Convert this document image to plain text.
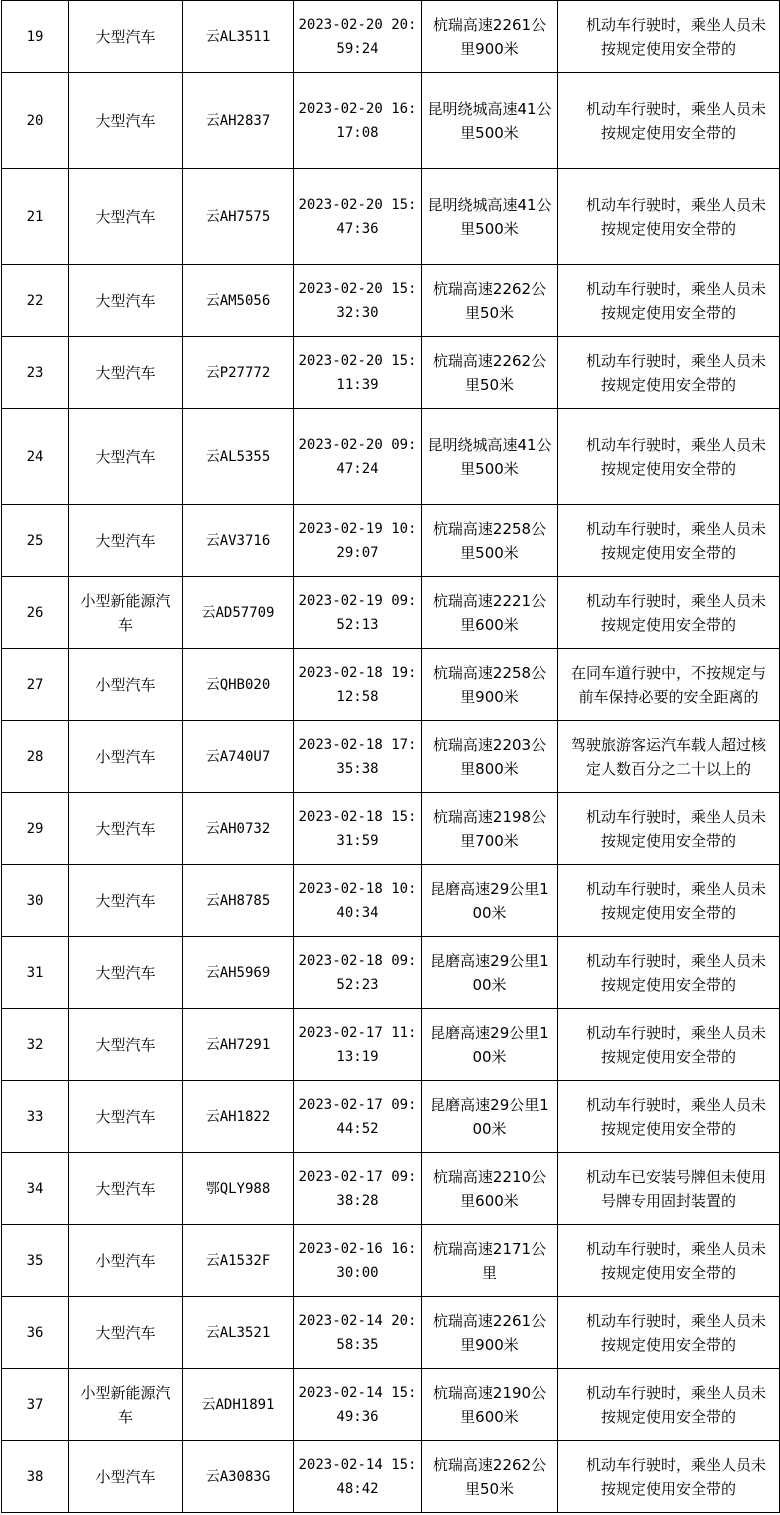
19	大型汽车	云AL3511	2023-02-20 20:59:24	杭瑞高速2261公里900米	机动车行驶时，乘坐人员未按规定使用安全带的
20	大型汽车	云AH2837	2023-02-20 16:17:08	昆明绕城高速41公里500米	机动车行驶时，乘坐人员未按规定使用安全带的
21	大型汽车	云AH7575	2023-02-20 15:47:36	昆明绕城高速41公里500米	机动车行驶时，乘坐人员未按规定使用安全带的
22	大型汽车	云AM5056	2023-02-20 15:32:30	杭瑞高速2262公里50米	机动车行驶时，乘坐人员未按规定使用安全带的
23	大型汽车	云P27772	2023-02-20 15:11:39	杭瑞高速2262公里50米	机动车行驶时，乘坐人员未按规定使用安全带的
24	大型汽车	云AL5355	2023-02-20 09:47:24	昆明绕城高速41公里500米	机动车行驶时，乘坐人员未按规定使用安全带的
25	大型汽车	云AV3716	2023-02-19 10:29:07	杭瑞高速2258公里500米	机动车行驶时，乘坐人员未按规定使用安全带的
26	小型新能源汽车	云AD57709	2023-02-19 09:52:13	杭瑞高速2221公里600米	机动车行驶时，乘坐人员未按规定使用安全带的
27	小型汽车	云QHB020	2023-02-18 19:12:58	杭瑞高速2258公里900米	在同车道行驶中，不按规定与前车保持必要的安全距离的
28	小型汽车	云A740U7	2023-02-18 17:35:38	杭瑞高速2203公里800米	驾驶旅游客运汽车载人超过核定人数百分之二十以上的
29	大型汽车	云AH0732	2023-02-18 15:31:59	杭瑞高速2198公里700米	机动车行驶时，乘坐人员未按规定使用安全带的
30	大型汽车	云AH8785	2023-02-18 10:40:34	昆磨高速29公里100米	机动车行驶时，乘坐人员未按规定使用安全带的
31	大型汽车	云AH5969	2023-02-18 09:52:23	昆磨高速29公里100米	机动车行驶时，乘坐人员未按规定使用安全带的
32	大型汽车	云AH7291	2023-02-17 11:13:19	昆磨高速29公里100米	机动车行驶时，乘坐人员未按规定使用安全带的
33	大型汽车	云AH1822	2023-02-17 09:44:52	昆磨高速29公里100米	机动车行驶时，乘坐人员未按规定使用安全带的
34	大型汽车	鄂QLY988	2023-02-17 09:38:28	杭瑞高速2210公里600米	机动车已安装号牌但未使用号牌专用固封装置的
35	小型汽车	云A1532F	2023-02-16 16:30:00	杭瑞高速2171公里	机动车行驶时，乘坐人员未按规定使用安全带的
36	大型汽车	云AL3521	2023-02-14 20:58:35	杭瑞高速2261公里900米	机动车行驶时，乘坐人员未按规定使用安全带的
37	小型新能源汽车	云ADH1891	2023-02-14 15:49:36	杭瑞高速2190公里600米	机动车行驶时，乘坐人员未按规定使用安全带的
38	小型汽车	云A3083G	2023-02-14 15:48:42	杭瑞高速2262公里50米	机动车行驶时，乘坐人员未按规定使用安全带的
